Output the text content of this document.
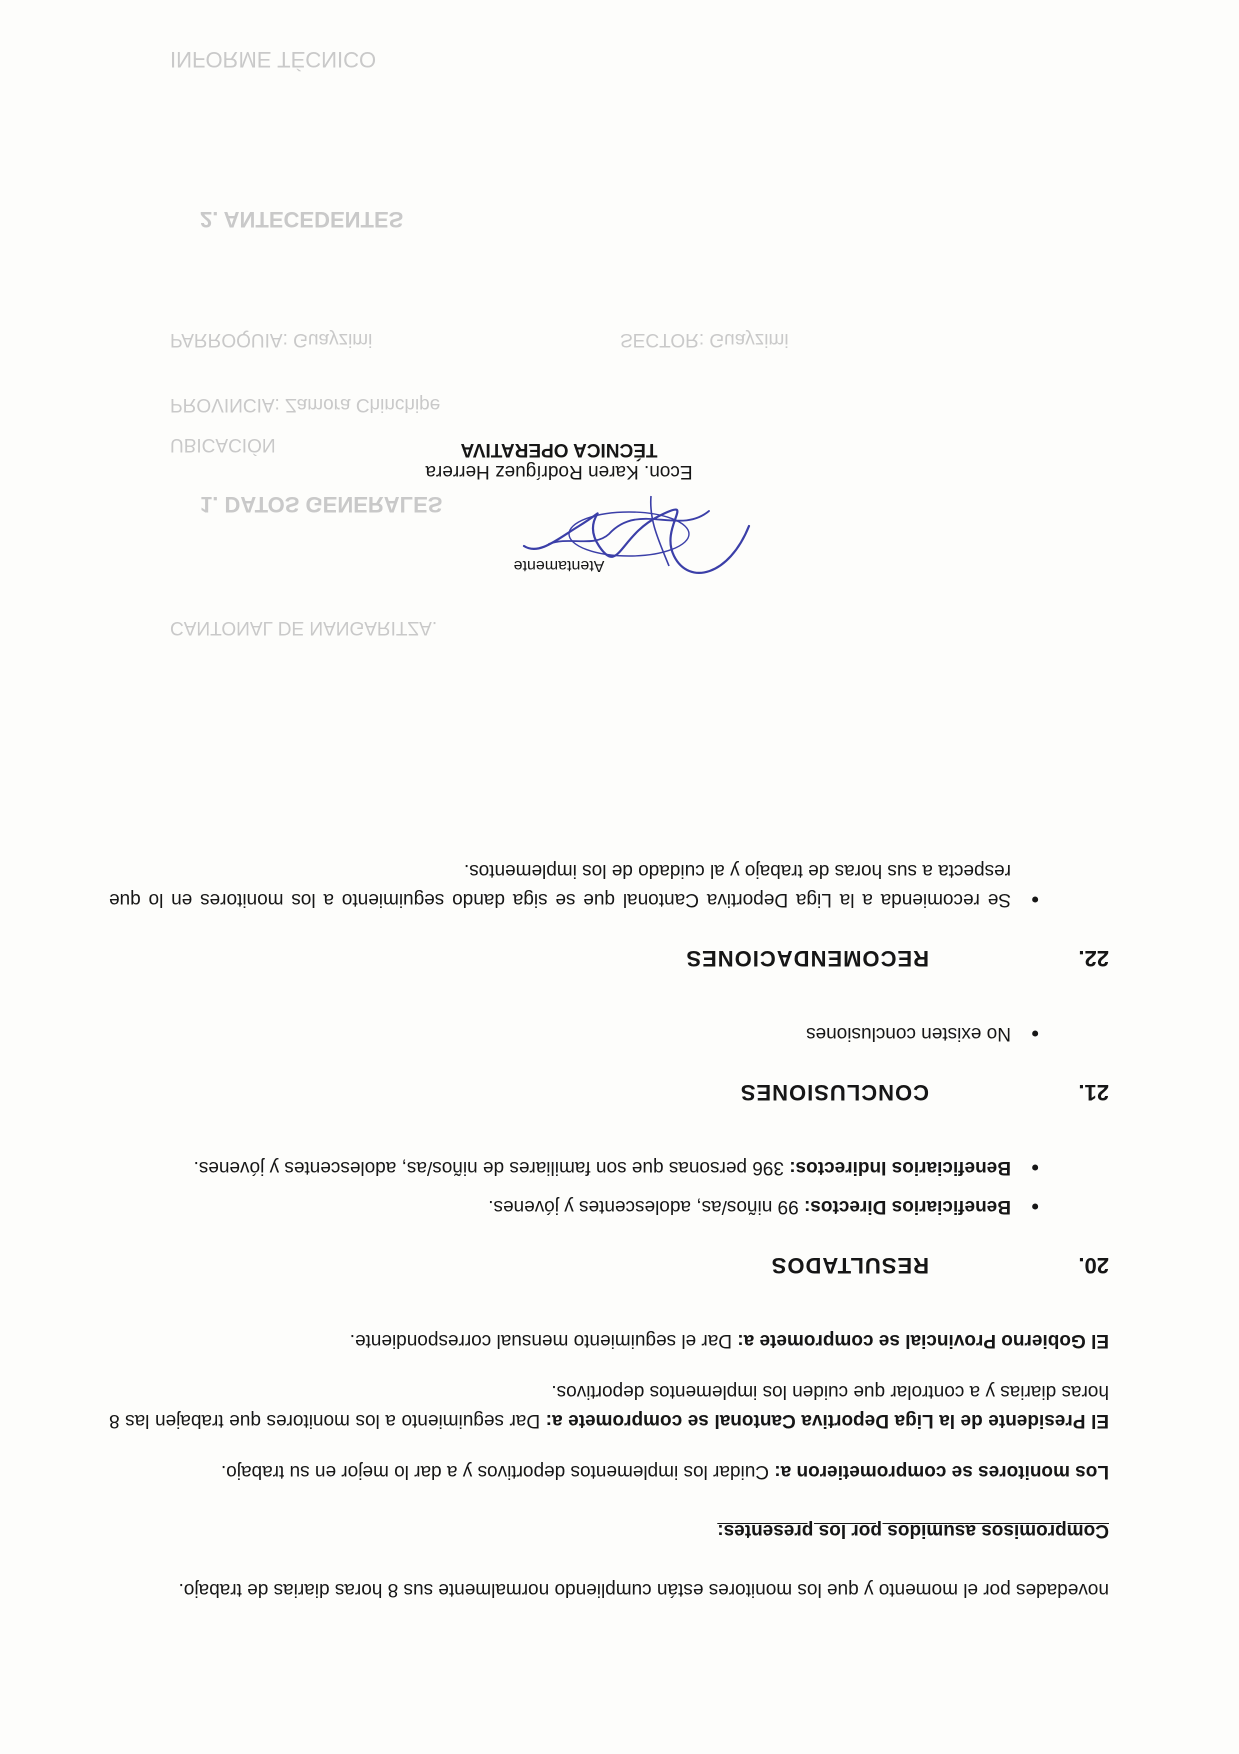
CANTONAL DE NANGARITZA.
1. DATOS GENERALES
UBICACIÓN
PROVINCIA: Zamora Chinchipe
PARROQUIA: Guayzimi	SECTOR: Guayzimi
2. ANTECEDENTES
INFORME TÉCNICO

novedades por el momento y que los monitores están cumpliendo normalmente sus 8 horas diarias de trabajo.

Compromisos asumidos por los presentes:

Los monitores se comprometieron a: Cuidar los implementos deportivos y a dar lo mejor en su trabajo.

El Presidente de la Liga Deportiva Cantonal se compromete a: Dar seguimiento a los monitores que trabajen las 8 horas diarias y a controlar que cuiden los implementos deportivos.

El Gobierno Provincial se compromete a: Dar el seguimiento mensual correspondiente.

20.
RESULTADOS
• Beneficiarios Directos: 99 niños/as, adolescentes y jóvenes.
• Beneficiarios Indirectos: 396 personas que son familiares de niños/as, adolescentes y jóvenes.
21.
CONCLUSIONES
• No existen conclusiones
22.
RECOMENDACIONES
• Se recomienda a la Liga Deportiva Cantonal que se siga dando seguimiento a los monitores en lo que respecta a sus horas de trabajo y al cuidado de los implementos.
Atentamente
Econ. Karen Rodríguez Herrera
TÉCNICA OPERATIVA
